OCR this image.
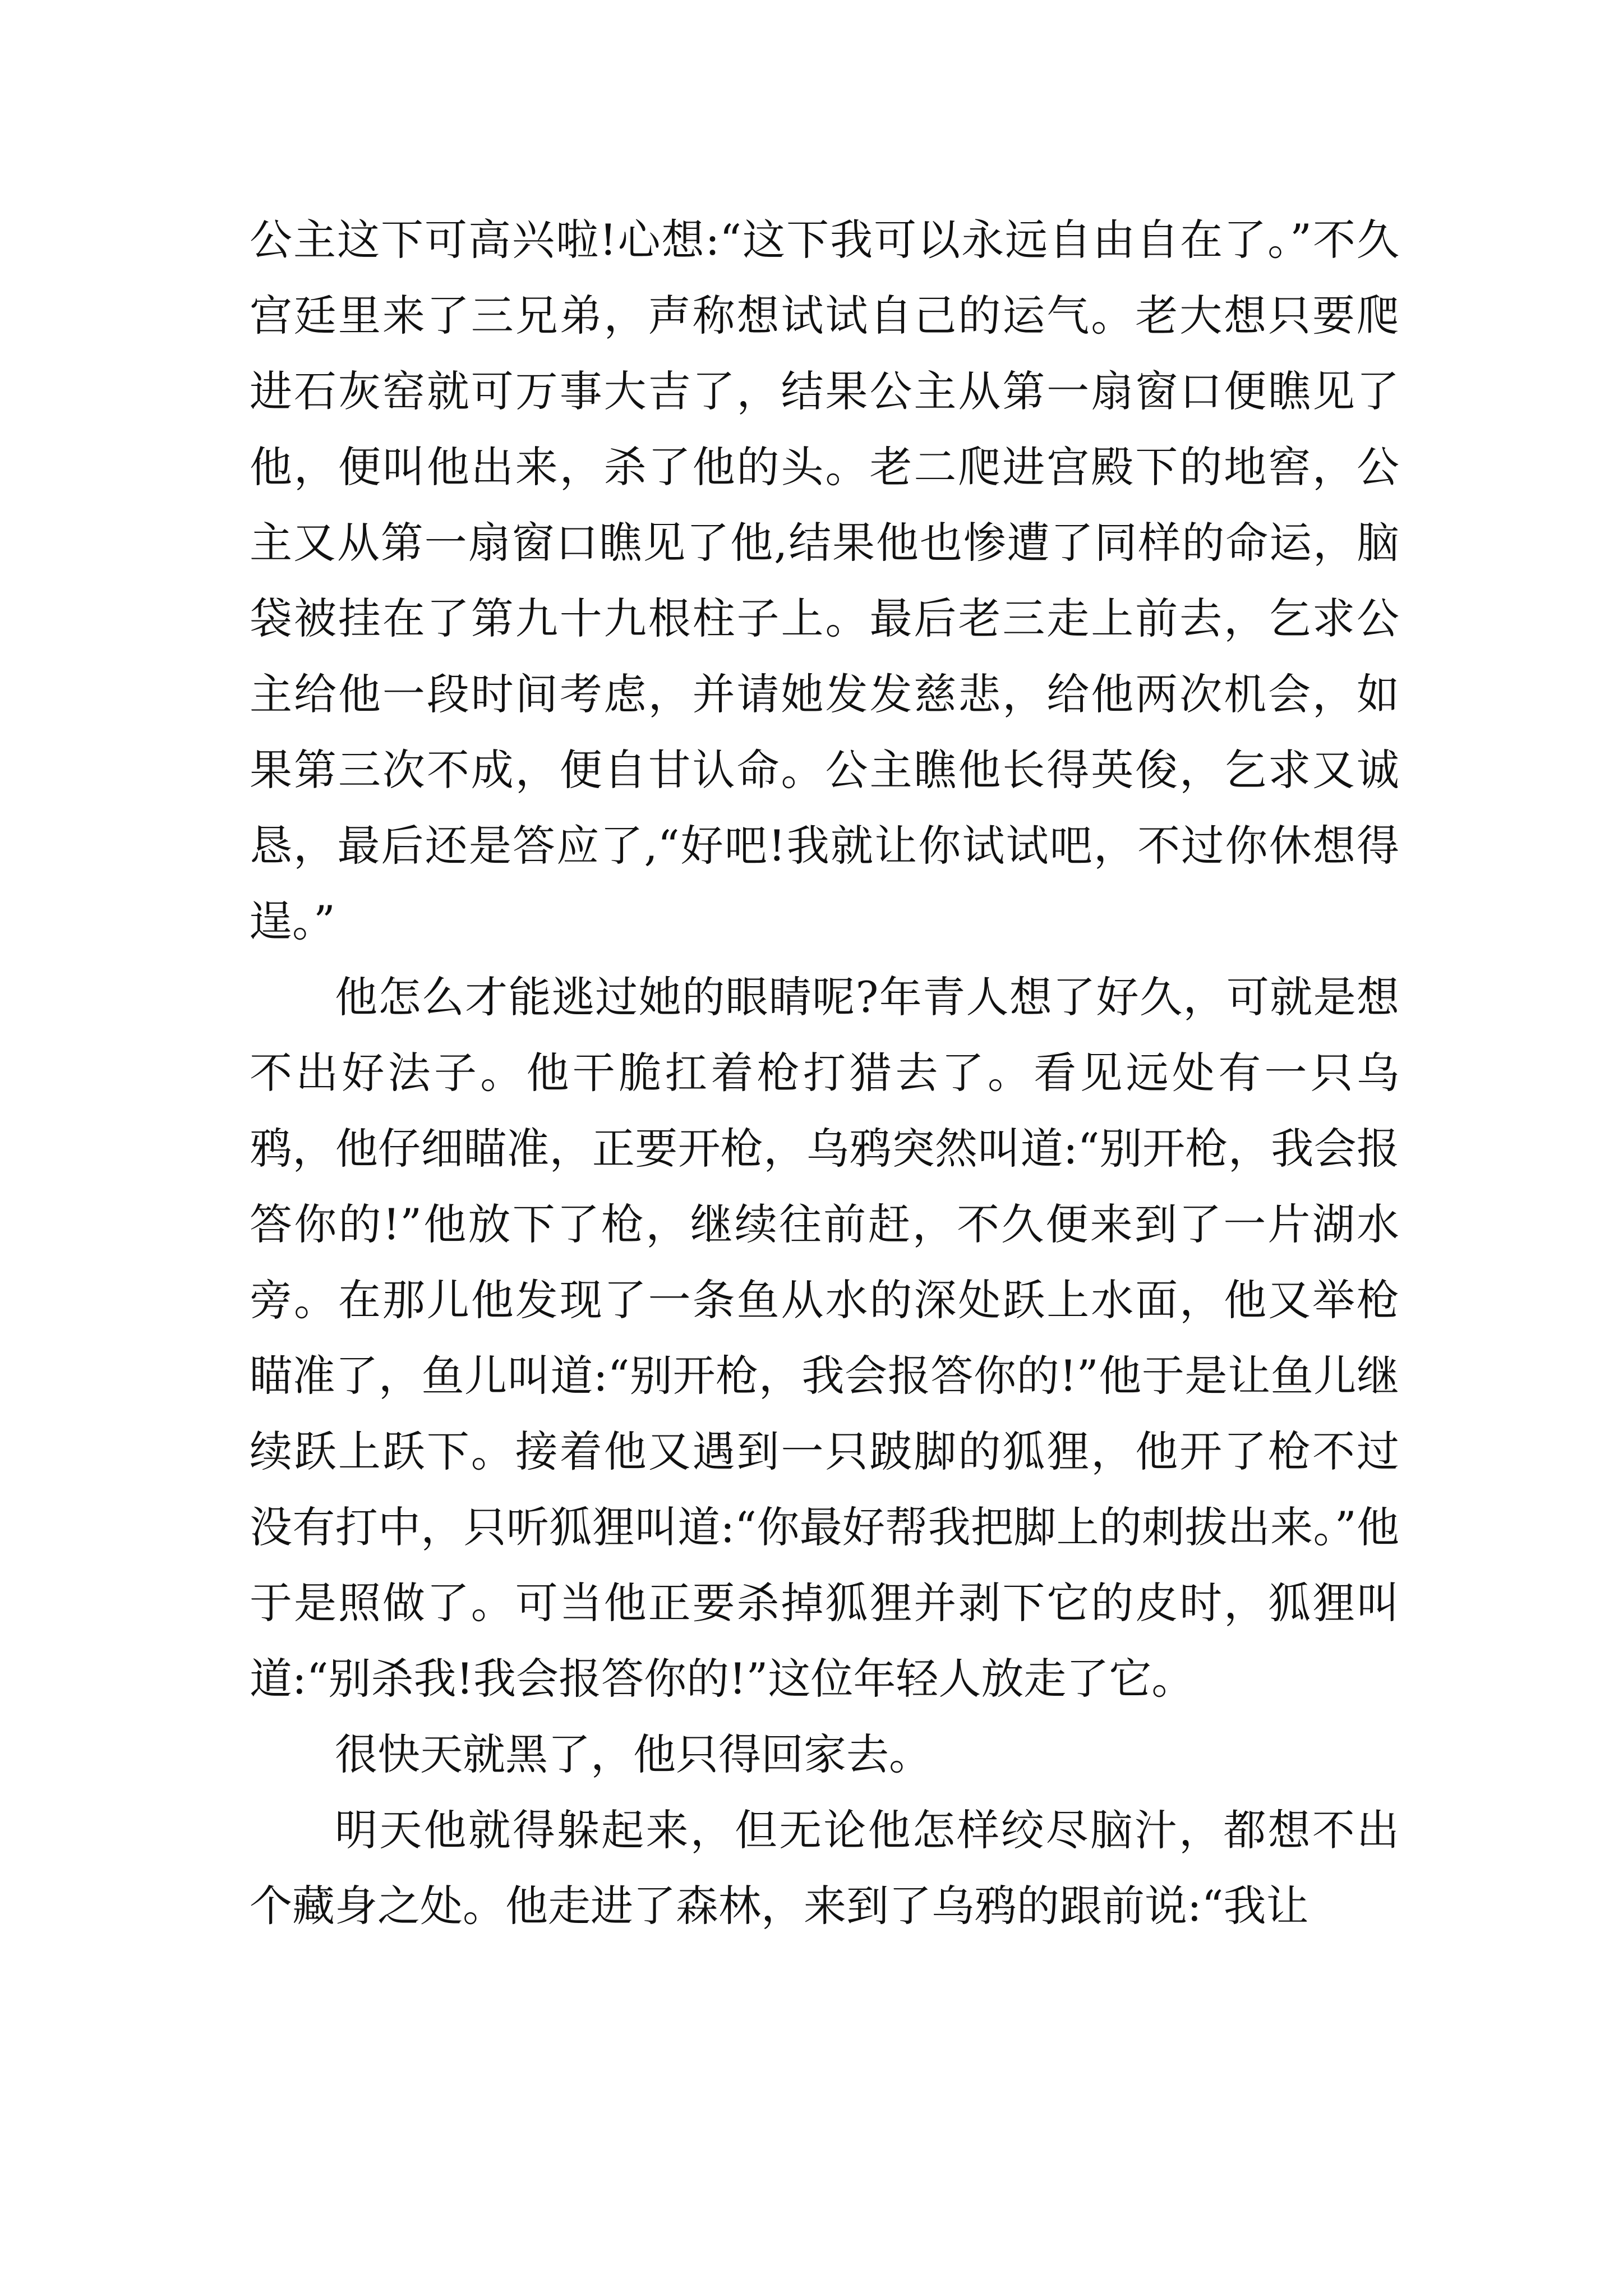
公主这下可高兴啦!心想:“这下我可以永远自由自在了。”不久宫廷里来了三兄弟，声称想试试自己的运气。老大想只要爬进石灰窑就可万事大吉了，结果公主从第一扇窗口便瞧见了他，便叫他出来，杀了他的头。老二爬进宫殿下的地窖，公主又从第一扇窗口瞧见了他,结果他也惨遭了同样的命运，脑袋被挂在了第九十九根柱子上。最后老三走上前去，乞求公主给他一段时间考虑，并请她发发慈悲，给他两次机会，如果第三次不成，便自甘认命。公主瞧他长得英俊，乞求又诚恳，最后还是答应了,“好吧!我就让你试试吧，不过你休想得逞。”

他怎么才能逃过她的眼睛呢?年青人想了好久，可就是想不出好法子。他干脆扛着枪打猎去了。看见远处有一只乌鸦，他仔细瞄准，正要开枪，乌鸦突然叫道:“别开枪，我会报答你的!”他放下了枪，继续往前赶，不久便来到了一片湖水旁。在那儿他发现了一条鱼从水的深处跃上水面，他又举枪瞄准了，鱼儿叫道:“别开枪，我会报答你的!”他于是让鱼儿继续跃上跃下。接着他又遇到一只跛脚的狐狸，他开了枪不过没有打中，只听狐狸叫道:“你最好帮我把脚上的刺拔出来。”他于是照做了。可当他正要杀掉狐狸并剥下它的皮时，狐狸叫道:“别杀我!我会报答你的!”这位年轻人放走了它。

很快天就黑了，他只得回家去。

明天他就得躲起来，但无论他怎样绞尽脑汁，都想不出个藏身之处。他走进了森林，来到了乌鸦的跟前说:“我让
